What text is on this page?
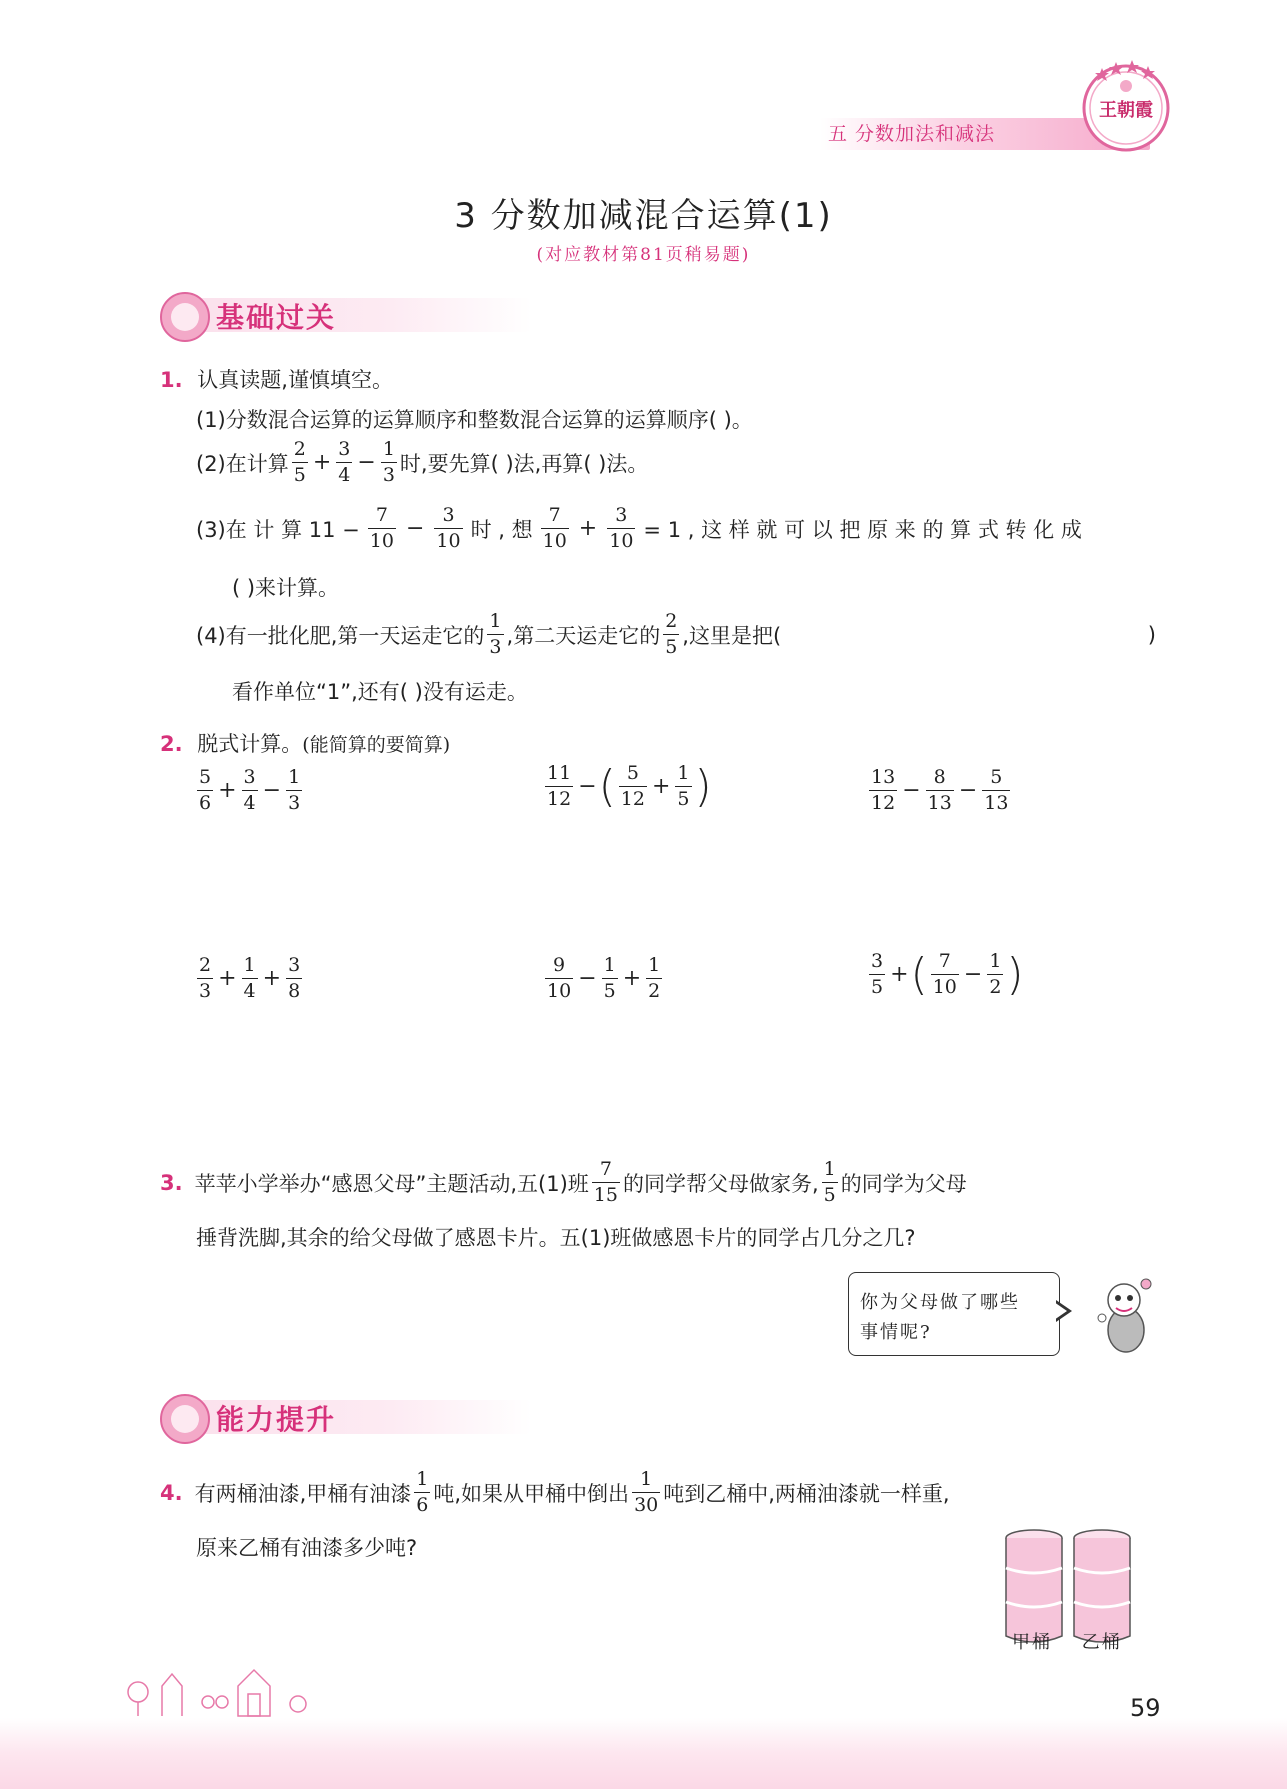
五 分数加法和减法
王朝霞
3 分数加减混合运算(1)
(对应教材第81页稍易题)
基础过关
1. 认真读题,谨慎填空。
(1)分数混合运算的运算顺序和整数混合运算的运算顺序( )。
(2)在计算 $\frac{2}{5} + \frac{3}{4} - \frac{1}{3}$ 时,要先算( )法,再算( )法。
(3)在 计 算 $11 - \frac{7}{10} - \frac{3}{10}$ 时 , 想 $\frac{7}{10} + \frac{3}{10} = 1$ , 这 样 就 可 以 把 原 来 的 算 式 转 化 成
( )来计算。
(4)有一批化肥,第一天运走它的 $\frac{1}{3}$ ,第二天运走它的 $\frac{2}{5}$ ,这里是把(	)
看作单位“1”,还有( )没有运走。
2. 脱式计算。(能简算的要简算)
$\frac{5}{6} + \frac{3}{4} - \frac{1}{3}$	$\frac{11}{12}$ − ( $\frac{5}{12} + \frac{1}{5}$ )	$\frac{13}{12} - \frac{8}{13} - \frac{5}{13}$
$\frac{2}{3} + \frac{1}{4} + \frac{3}{8}$	$\frac{9}{10} - \frac{1}{5} + \frac{1}{2}$	$\frac{3}{5}$ + ( $\frac{7}{10} - \frac{1}{2}$ )
3. 苹苹小学举办“感恩父母”主题活动,五(1)班 $\frac{7}{15}$ 的同学帮父母做家务, $\frac{1}{5}$ 的同学为父母
捶背洗脚,其余的给父母做了感恩卡片。五(1)班做感恩卡片的同学占几分之几?
你为父母做了哪些
事情呢?
能力提升
4. 有两桶油漆,甲桶有油漆 $\frac{1}{6}$ 吨,如果从甲桶中倒出 $\frac{1}{30}$ 吨到乙桶中,两桶油漆就一样重,
原来乙桶有油漆多少吨?
甲桶 乙桶
59
